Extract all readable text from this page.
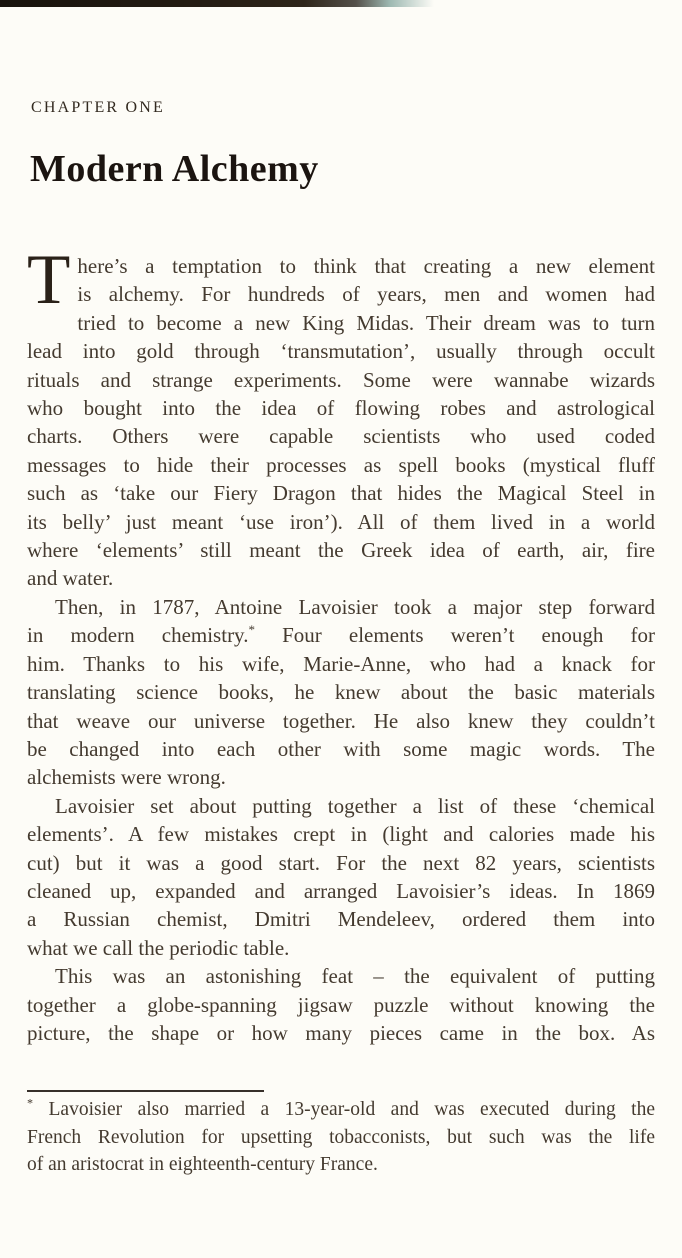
CHAPTER ONE
Modern Alchemy
T here’s a temptation to think that creating a new element
is alchemy. For hundreds of years, men and women had
tried to become a new King Midas. Their dream was to turn
lead into gold through ‘transmutation’, usually through occult
rituals and strange experiments. Some were wannabe wizards
who bought into the idea of flowing robes and astrological
charts. Others were capable scientists who used coded
messages to hide their processes as spell books (mystical fluff
such as ‘take our Fiery Dragon that hides the Magical Steel in
its belly’ just meant ‘use iron’). All of them lived in a world
where ‘elements’ still meant the Greek idea of earth, air, fire
and water.
Then, in 1787, Antoine Lavoisier took a major step forward
in modern chemistry.* Four elements weren’t enough for
him. Thanks to his wife, Marie-Anne, who had a knack for
translating science books, he knew about the basic materials
that weave our universe together. He also knew they couldn’t
be changed into each other with some magic words. The
alchemists were wrong.
Lavoisier set about putting together a list of these ‘chemical
elements’. A few mistakes crept in (light and calories made his
cut) but it was a good start. For the next 82 years, scientists
cleaned up, expanded and arranged Lavoisier’s ideas. In 1869
a Russian chemist, Dmitri Mendeleev, ordered them into
what we call the periodic table.
This was an astonishing feat – the equivalent of putting
together a globe-spanning jigsaw puzzle without knowing the
picture, the shape or how many pieces came in the box. As
* Lavoisier also married a 13-year-old and was executed during the
French Revolution for upsetting tobacconists, but such was the life
of an aristocrat in eighteenth-century France.
